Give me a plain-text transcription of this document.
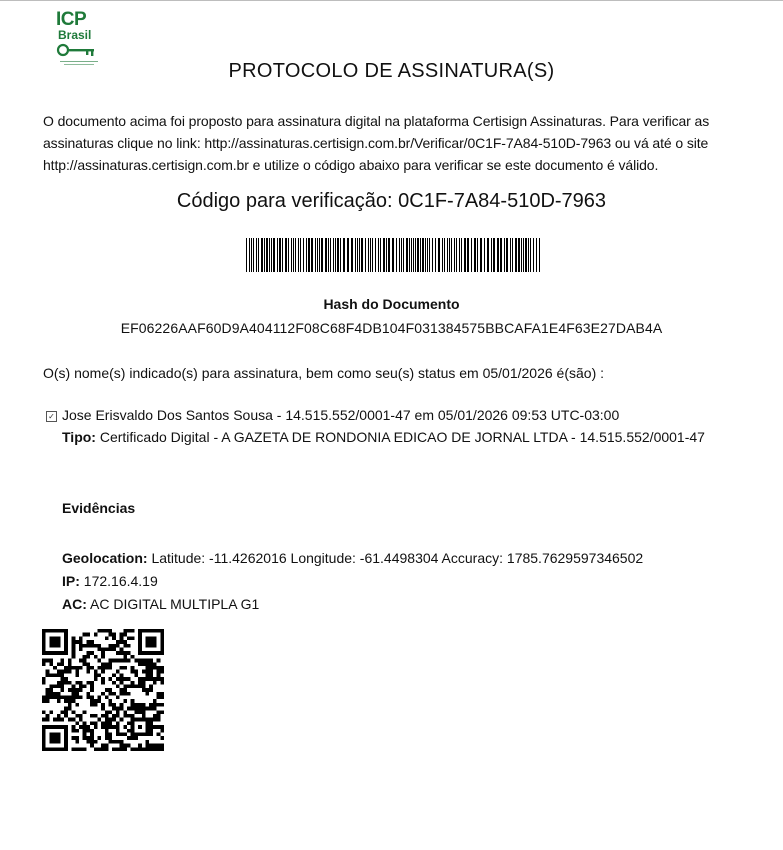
ICP
Brasil
PROTOCOLO DE ASSINATURA(S)
O documento acima foi proposto para assinatura digital na plataforma Certisign Assinaturas. Para verificar as assinaturas clique no link: http://assinaturas.certisign.com.br/Verificar/0C1F-7A84-510D-7963 ou vá até o site http://assinaturas.certisign.com.br e utilize o código abaixo para verificar se este documento é válido.
Código para verificação: 0C1F-7A84-510D-7963
Hash do Documento
EF06226AAF60D9A404112F08C68F4DB104F031384575BBCAFA1E4F63E27DAB4A
O(s) nome(s) indicado(s) para assinatura, bem como seu(s) status em 05/01/2026 é(são) :
✓ Jose Erisvaldo Dos Santos Sousa - 14.515.552/0001-47 em 05/01/2026 09:53 UTC-03:00
Tipo: Certificado Digital - A GAZETA DE RONDONIA EDICAO DE JORNAL LTDA - 14.515.552/0001-47
Evidências
Geolocation: Latitude: -11.4262016 Longitude: -61.4498304 Accuracy: 1785.7629597346502
IP: 172.16.4.19
AC: AC DIGITAL MULTIPLA G1
